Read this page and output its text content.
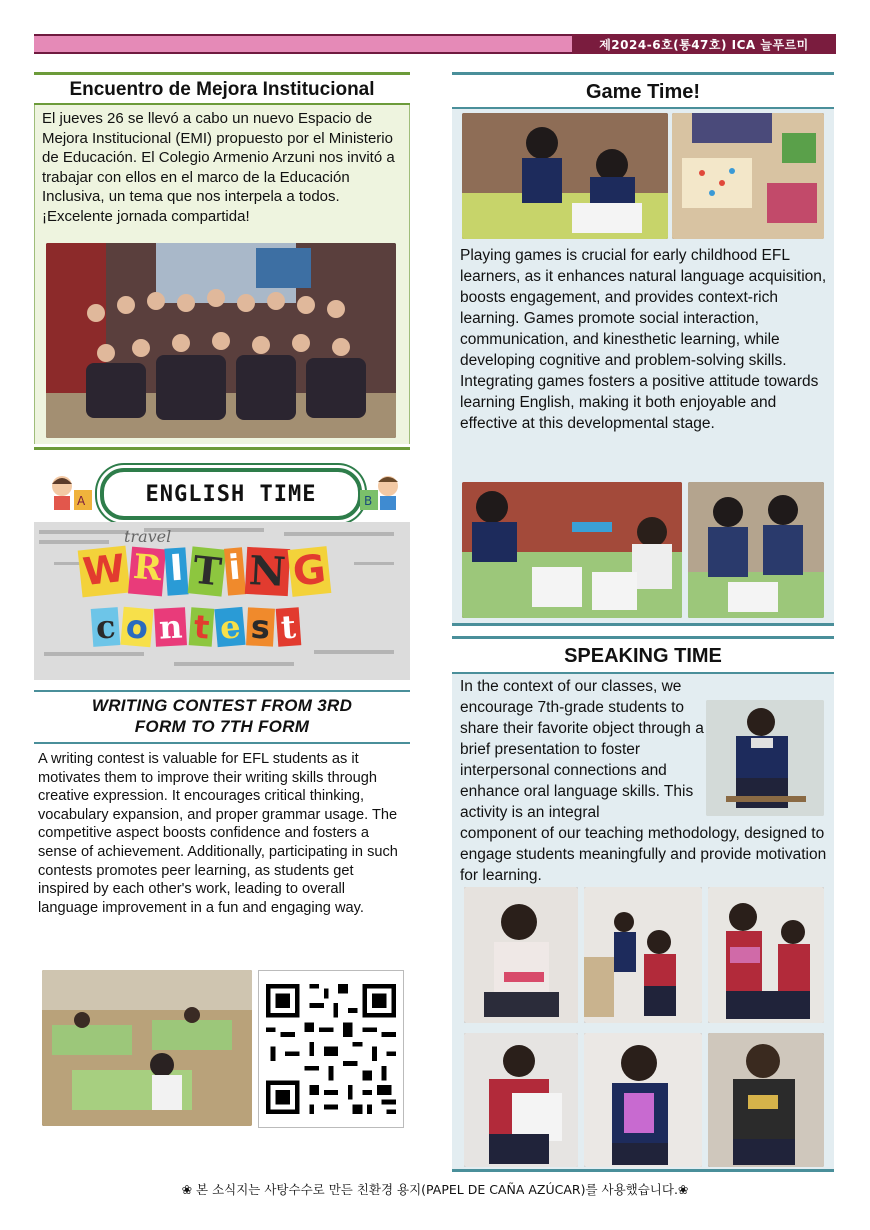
제2024-6호(통47호) ICA 늘푸르미
Encuentro de Mejora Institucional
El jueves 26 se llevó a cabo un nuevo Espacio de Mejora Institucional (EMI) propuesto por el Ministerio de Educación. El Colegio Armenio Arzuni nos invitó a trabajar con ellos en el marco de la Educación Inclusiva, un tema que nos interpela a todos. ¡Excelente jornada compartida!
A	ENGLISH TIME	B
travel
W R I T i N G
c o n t e s t
WRITING CONTEST FROM 3RD
FORM TO 7TH FORM
A writing contest is valuable for EFL students as it motivates them to improve their writing skills through creative expression. It encourages critical thinking, vocabulary expansion, and proper grammar usage. The competitive aspect boosts confidence and fosters a sense of achievement. Additionally, participating in such contests promotes peer learning, as students get inspired by each other's work, leading to overall language improvement in a fun and engaging way.
Game Time!
Playing games is crucial for early childhood EFL learners, as it enhances natural language acquisition, boosts engagement, and provides context-rich learning. Games promote social interaction, communication, and kinesthetic learning, while developing cognitive and problem-solving skills. Integrating games fosters a positive attitude towards learning English, making it both enjoyable and effective at this developmental stage.
SPEAKING TIME
In the context of our classes, we encourage 7th-grade students to share their favorite object through a brief presentation to foster interpersonal connections and enhance oral language skills. This activity is an integral
component of our teaching methodology, designed to engage students meaningfully and provide motivation for learning.
❀ 본 소식지는 사탕수수로 만든 친환경 용지(PAPEL DE CAÑA AZÚCAR)를 사용했습니다.❀
